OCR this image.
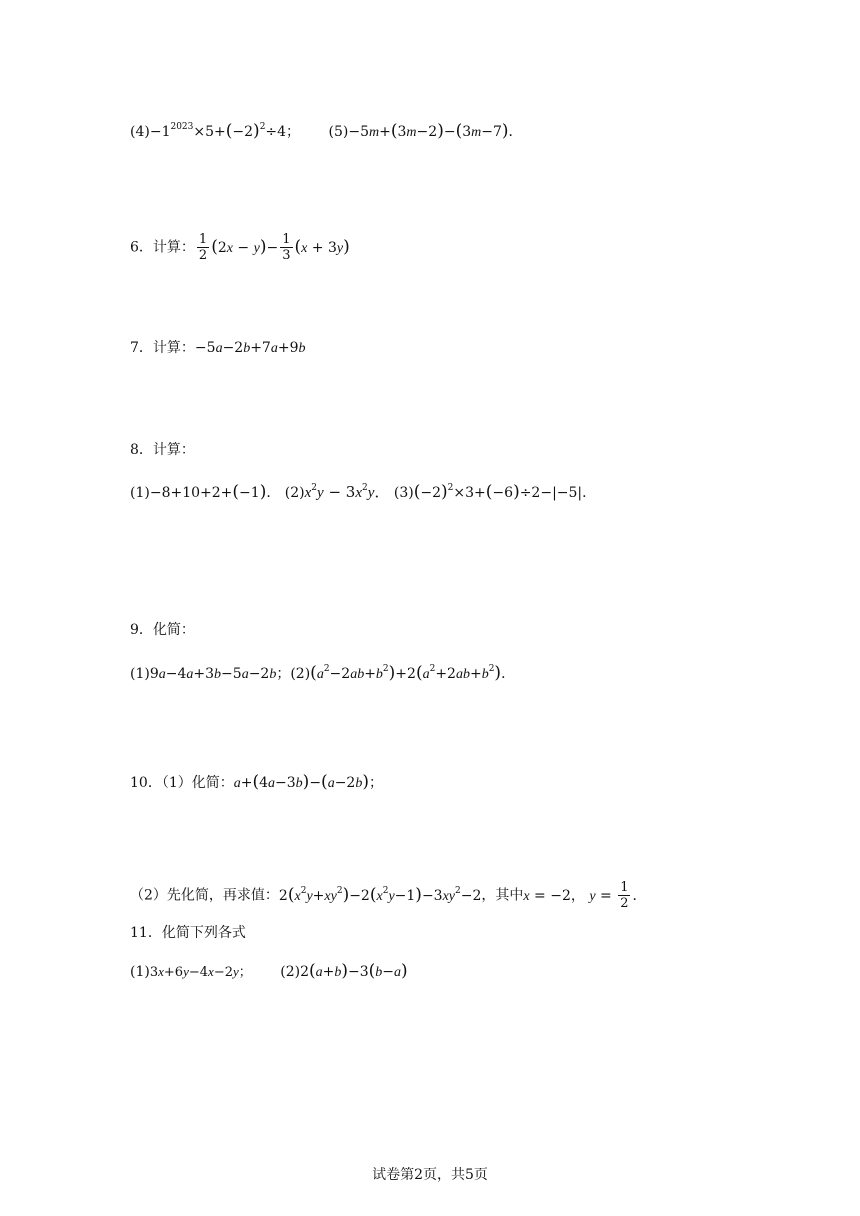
$(4)-1^{2023}\times 5+(-2)^2\div 4$； (5)−5m+(3m−2)−(3m−7)．
6．计算： $\frac{1}{2} (2x - y)- \frac{1}{3} (x + 3y)$
7．计算：−5a−2b+7a+9b
8．计算：
(1)−8+10+2+(−1)． $(2)x^2y - 3x^2y$． $(3)(-2)^2\times 3+(-6)\div 2-|-5|$．
9．化简：
(1)9a−4a+3b−5a−2b；$(2)(a^2-2ab+b^2)+2(a^2+2ab+b^2)$．
10．（1）化简：a+(4a−3b)−(a−2b)；
（2）先化简，再求值：$2(x^2y+xy^2)-2(x^2y-1)-3xy^2-2$，其中x = −2， $y = \frac{1}{2}$ ．
11．化简下列各式
(1)3x+6y−4x−2y； (2)2(a+b)−3(b−a)
试卷第2页，共5页
